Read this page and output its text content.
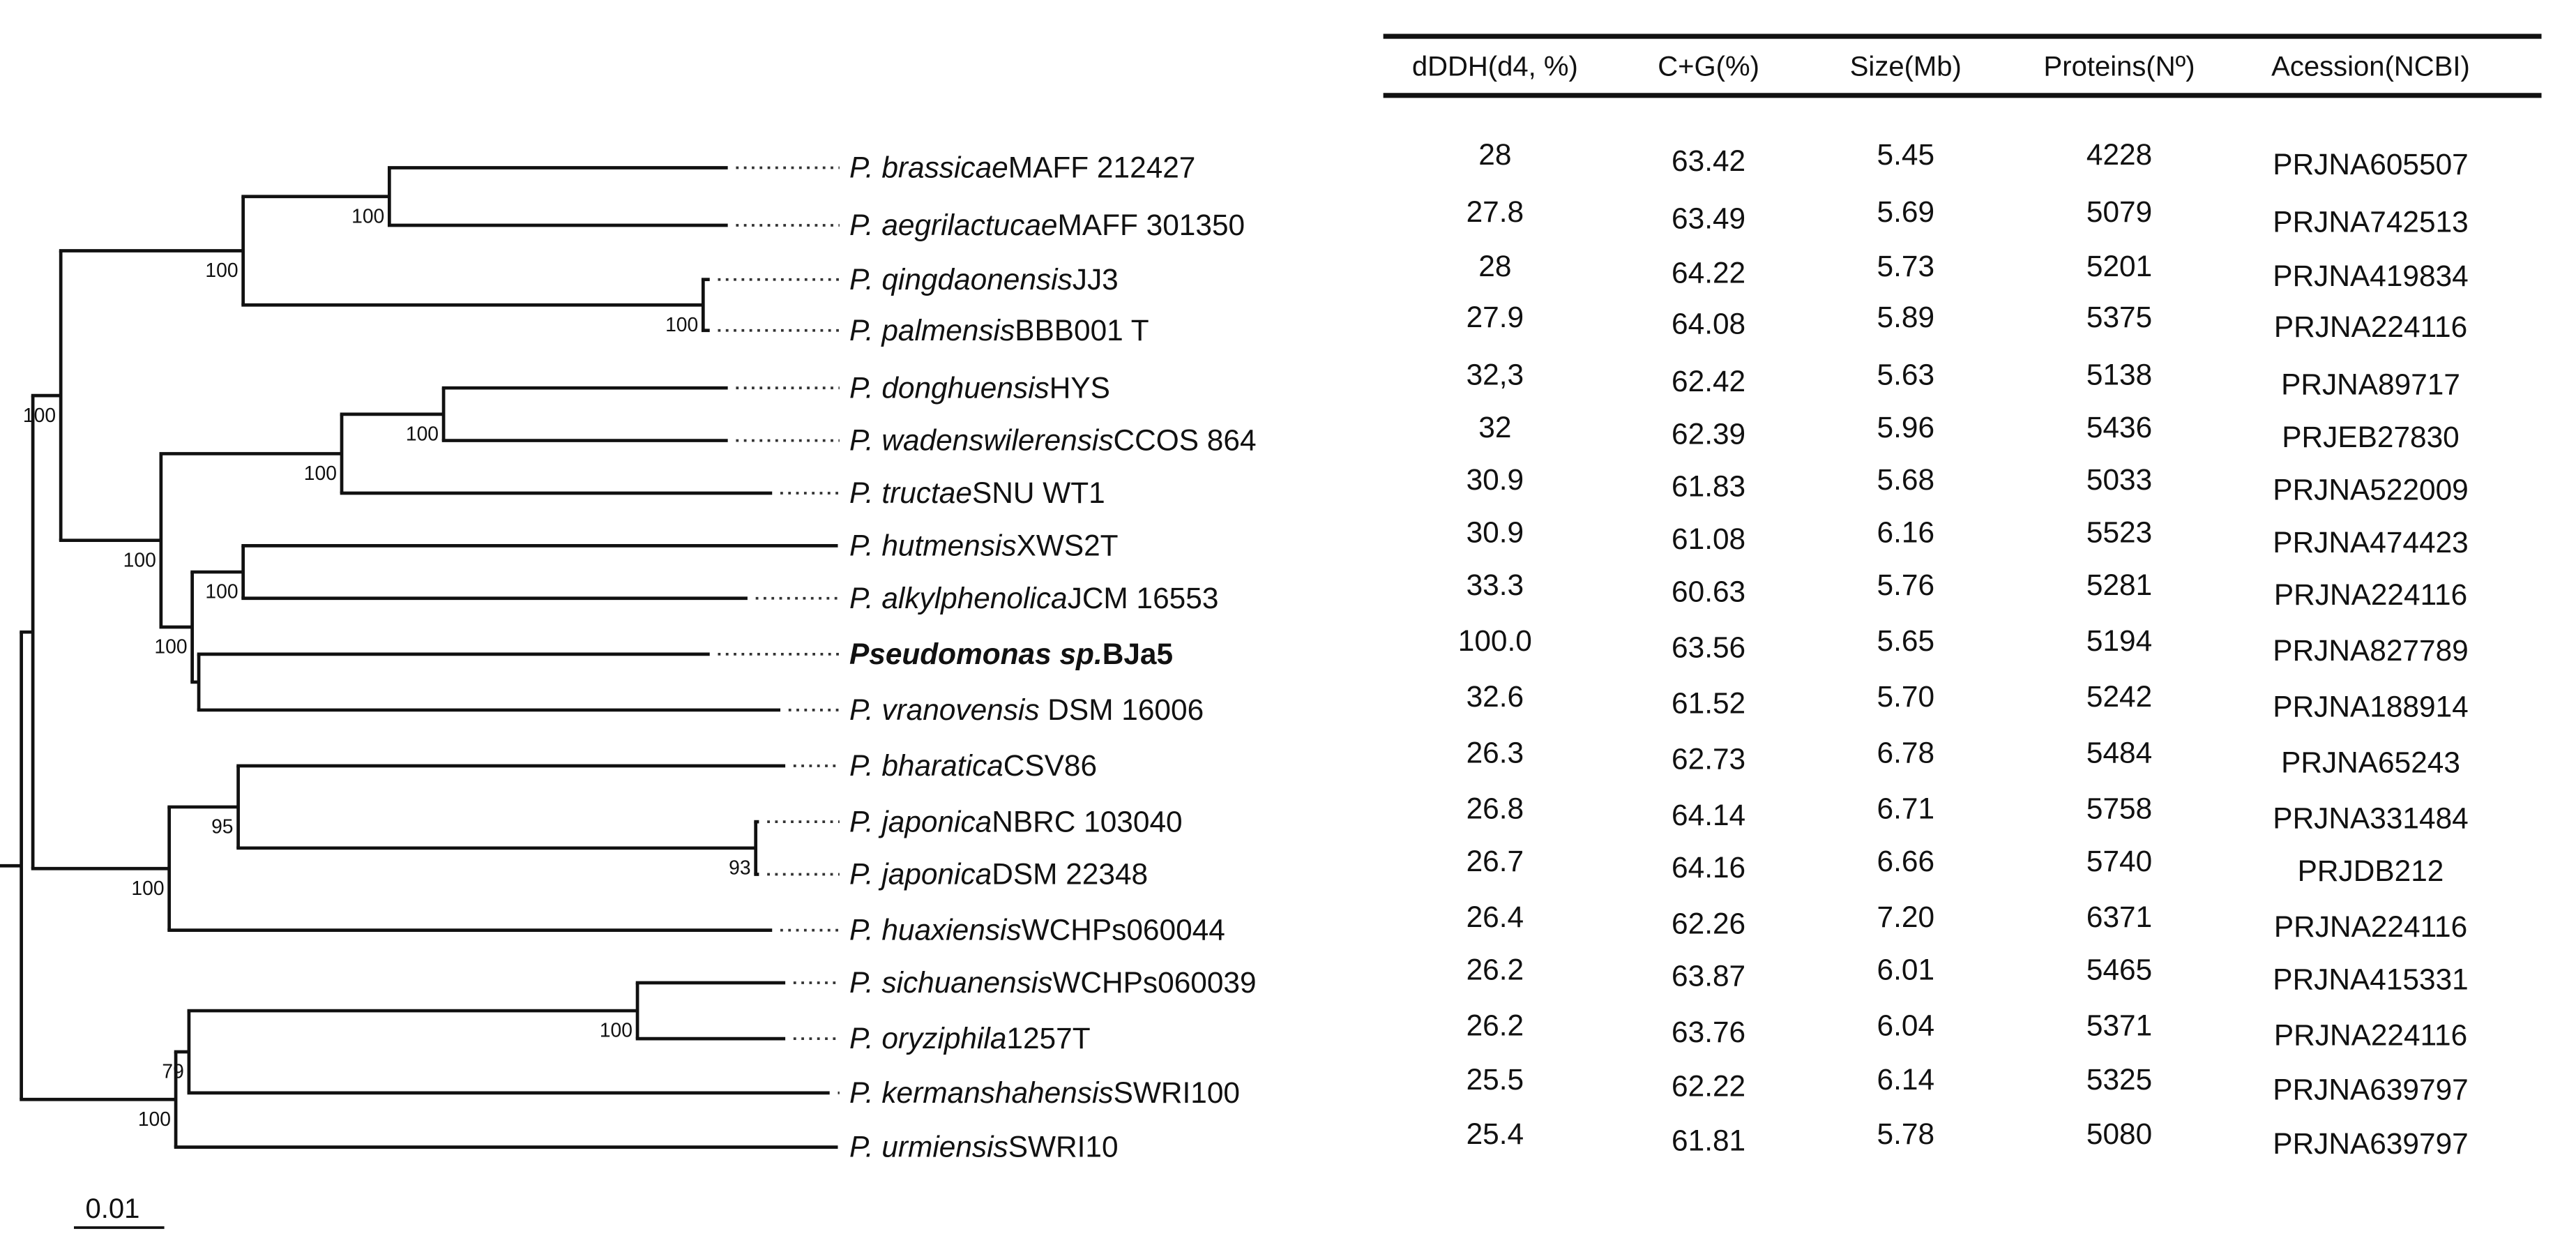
100
100
100
100
100
100
100
100
100
95
93
100
100
79
100
P. brassicaeMAFF 212427
P. aegrilactucaeMAFF 301350
P. qingdaonensisJJ3
P. palmensisBBB001 T
P. donghuensisHYS
P. wadenswilerensisCCOS 864
P. tructaeSNU WT1
P. hutmensisXWS2T
P. alkylphenolicaJCM 16553
Pseudomonas sp.BJa5
P. vranovensis DSM 16006
P. bharaticaCSV86
P. japonicaNBRC 103040
P. japonicaDSM 22348
P. huaxiensisWCHPs060044
P. sichuanensisWCHPs060039
P. oryziphila1257T
P. kermanshahensisSWRI100
P. urmiensisSWRI10
0.01
dDDH(d4, %)	C+G(%)	Size(Mb)	Proteins(Nº)	Acession(NCBI)
28	63.42	5.45	4228	PRJNA605507
27.8	63.49	5.69	5079	PRJNA742513
28	64.22	5.73	5201	PRJNA419834
27.9	64.08	5.89	5375	PRJNA224116
32,3	62.42	5.63	5138	PRJNA89717
32	62.39	5.96	5436	PRJEB27830
30.9	61.83	5.68	5033	PRJNA522009
30.9	61.08	6.16	5523	PRJNA474423
33.3	60.63	5.76	5281	PRJNA224116
100.0	63.56	5.65	5194	PRJNA827789
32.6	61.52	5.70	5242	PRJNA188914
26.3	62.73	6.78	5484	PRJNA65243
26.8	64.14	6.71	5758	PRJNA331484
26.7	64.16	6.66	5740	PRJDB212
26.4	62.26	7.20	6371	PRJNA224116
26.2	63.87	6.01	5465	PRJNA415331
26.2	63.76	6.04	5371	PRJNA224116
25.5	62.22	6.14	5325	PRJNA639797
25.4	61.81	5.78	5080	PRJNA639797
